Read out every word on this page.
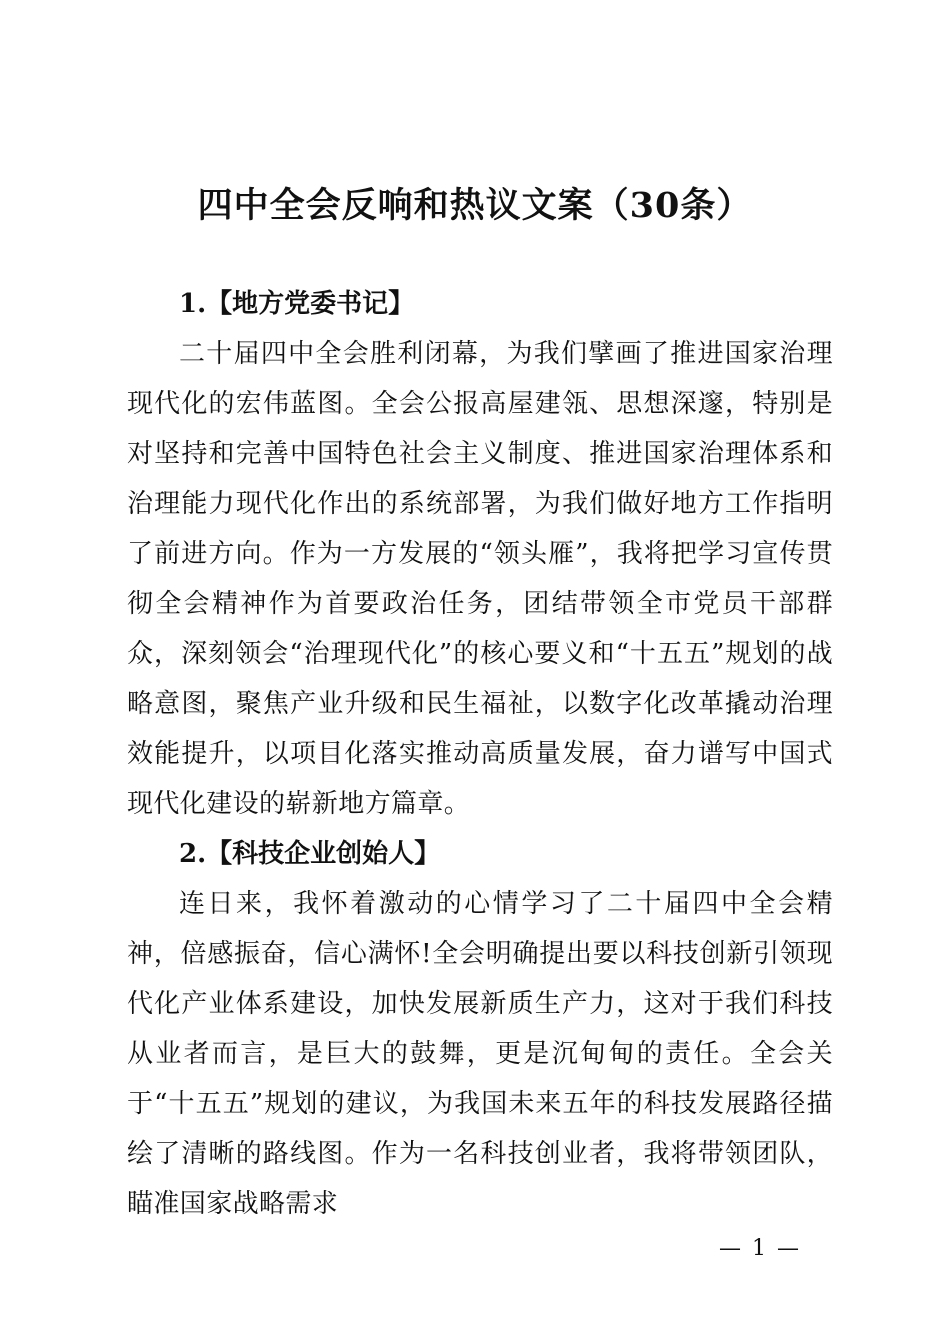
四中全会反响和热议文案（30条）

1.【地方党委书记】

二十届四中全会胜利闭幕，为我们擘画了推进国家治理现代化的宏伟蓝图。全会公报高屋建瓴、思想深邃，特别是对坚持和完善中国特色社会主义制度、推进国家治理体系和治理能力现代化作出的系统部署，为我们做好地方工作指明了前进方向。作为一方发展的“领头雁”，我将把学习宣传贯彻全会精神作为首要政治任务，团结带领全市党员干部群众，深刻领会“治理现代化”的核心要义和“十五五”规划的战略意图，聚焦产业升级和民生福祉，以数字化改革撬动治理效能提升，以项目化落实推动高质量发展，奋力谱写中国式现代化建设的崭新地方篇章。

2.【科技企业创始人】

连日来，我怀着激动的心情学习了二十届四中全会精神，倍感振奋，信心满怀!全会明确提出要以科技创新引领现代化产业体系建设，加快发展新质生产力，这对于我们科技从业者而言，是巨大的鼓舞，更是沉甸甸的责任。全会关于“十五五”规划的建议，为我国未来五年的科技发展路径描绘了清晰的路线图。作为一名科技创业者，我将带领团队，瞄准国家战略需求

— 1 —
